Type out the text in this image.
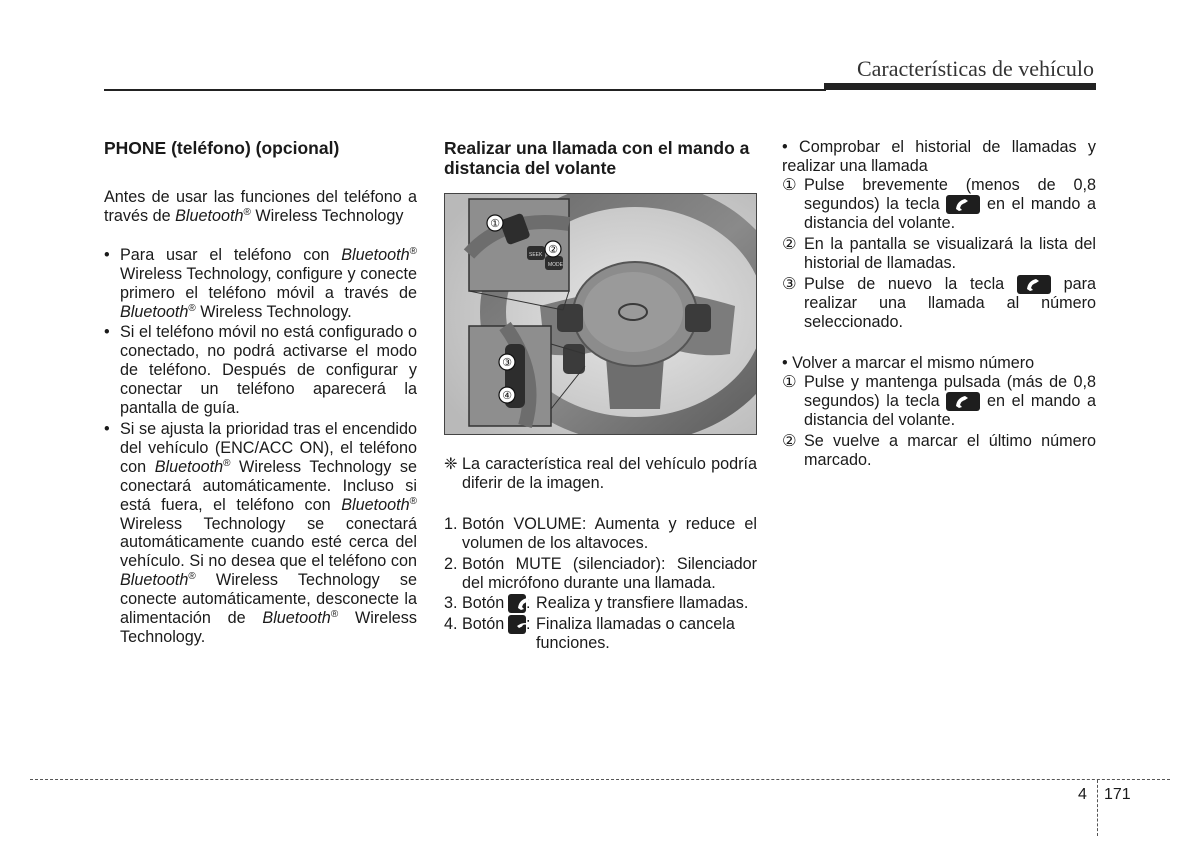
Características de vehículo
PHONE (teléfono) (opcional)

Antes de usar las funciones del teléfono a través de Bluetooth® Wireless Technology

• Para usar el teléfono con Bluetooth® Wireless Technology, configure y conecte primero el teléfono móvil a través de Bluetooth® Wireless Technology.
• Si el teléfono móvil no está configurado o conectado, no podrá activarse el modo de teléfono. Después de configurar y conectar un teléfono aparecerá la pantalla de guía.
• Si se ajusta la prioridad tras el encendido del vehículo (ENC/ACC ON), el teléfono con Bluetooth® Wireless Technology se conectará automáticamente. Incluso si está fuera, el teléfono con Bluetooth® Wireless Technology se conectará automáticamente cuando esté cerca del vehículo. Si no desea que el teléfono con Bluetooth® Wireless Technology se conecte automáticamente, desconecte la alimentación de Bluetooth® Wireless Technology.
Realizar una llamada con el mando a distancia del volante
SEEK
MODE
①
②
③
④
❈ La característica real del vehículo podría diferir de la imagen.
1. Botón VOLUME: Aumenta y reduce el volumen de los altavoces.
2. Botón MUTE (silenciador): Silenciador del micrófono durante una llamada.
3. Botón : Realiza y transfiere llamadas.
4. Botón Finaliza llamadas o cancela funciones.

• Comprobar el historial de llamadas y realizar una llamada

① Pulse brevemente (menos de 0,8 segundos) la tecla	en el mando a distancia del volante.
② En la pantalla se visualizará la lista del historial de llamadas.
③ Pulse de nuevo la tecla	para realizar una llamada al número seleccionado.

• Volver a marcar el mismo número

① Pulse y mantenga pulsada (más de 0,8 segundos) la tecla	en el mando a distancia del volante.
② Se vuelve a marcar el último número marcado.
4 171
